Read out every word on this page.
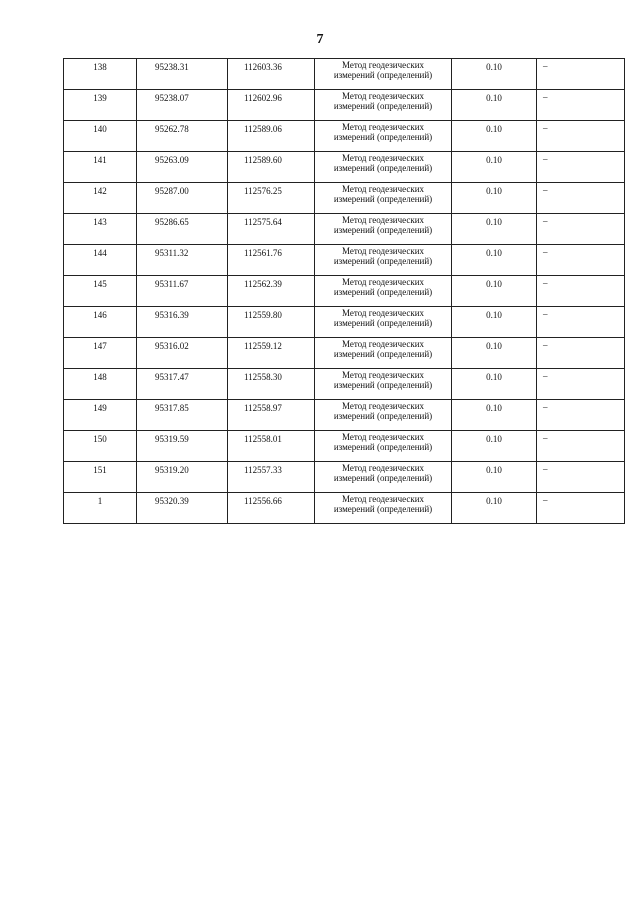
7
138	95238.31	112603.36	Метод геодезических
измерений (определений)	0.10	–
139	95238.07	112602.96	Метод геодезических
измерений (определений)	0.10	–
140	95262.78	112589.06	Метод геодезических
измерений (определений)	0.10	–
141	95263.09	112589.60	Метод геодезических
измерений (определений)	0.10	–
142	95287.00	112576.25	Метод геодезических
измерений (определений)	0.10	–
143	95286.65	112575.64	Метод геодезических
измерений (определений)	0.10	–
144	95311.32	112561.76	Метод геодезических
измерений (определений)	0.10	–
145	95311.67	112562.39	Метод геодезических
измерений (определений)	0.10	–
146	95316.39	112559.80	Метод геодезических
измерений (определений)	0.10	–
147	95316.02	112559.12	Метод геодезических
измерений (определений)	0.10	–
148	95317.47	112558.30	Метод геодезических
измерений (определений)	0.10	–
149	95317.85	112558.97	Метод геодезических
измерений (определений)	0.10	–
150	95319.59	112558.01	Метод геодезических
измерений (определений)	0.10	–
151	95319.20	112557.33	Метод геодезических
измерений (определений)	0.10	–
1	95320.39	112556.66	Метод геодезических
измерений (определений)	0.10	–
